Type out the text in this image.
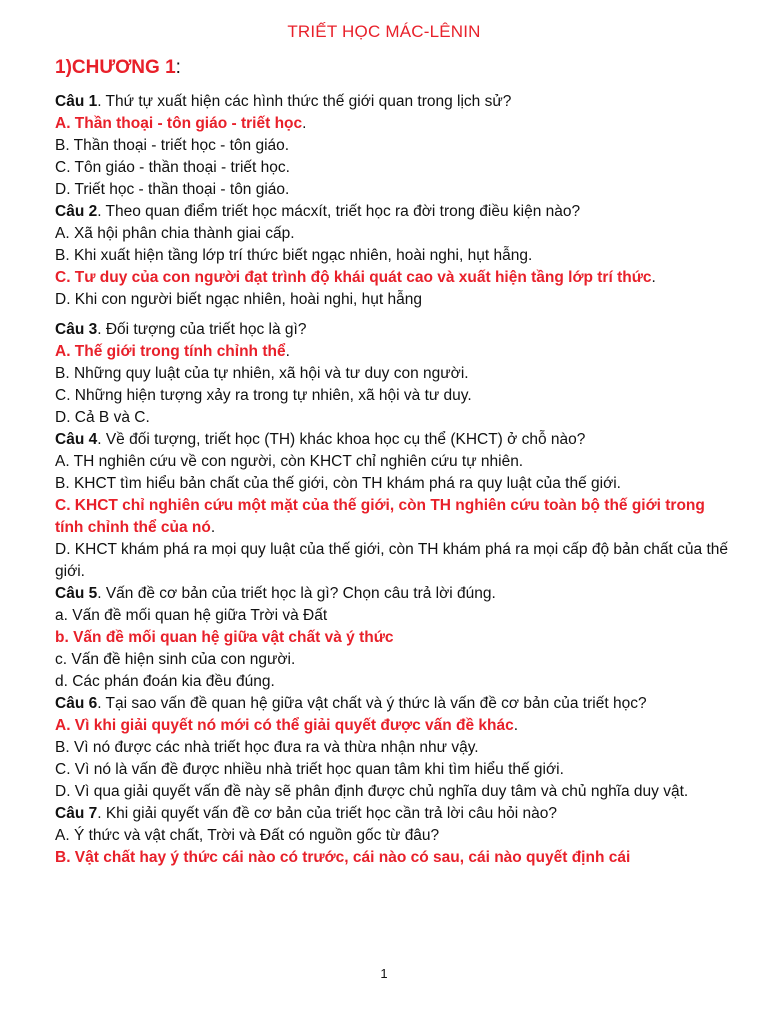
TRIẾT HỌC MÁC-LÊNIN
1)CHƯƠNG 1:
Câu 1. Thứ tự xuất hiện các hình thức thế giới quan trong lịch sử?
A. Thần thoại - tôn giáo - triết học.
B. Thần thoại - triết học - tôn giáo.
C. Tôn giáo - thần thoại - triết học.
D. Triết học - thần thoại - tôn giáo.
Câu 2. Theo quan điểm triết học mácxít, triết học ra đời trong điều kiện nào?
A. Xã hội phân chia thành giai cấp.
B. Khi xuất hiện tầng lớp trí thức biết ngạc nhiên, hoài nghi, hụt hẫng.
C. Tư duy của con người đạt trình độ khái quát cao và xuất hiện tầng lớp trí thức.
D. Khi con người biết ngạc nhiên, hoài nghi, hụt hẫng
Câu 3. Đối tượng của triết học là gì?
A. Thế giới trong tính chỉnh thể.
B. Những quy luật của tự nhiên, xã hội và tư duy con người.
C. Những hiện tượng xảy ra trong tự nhiên, xã hội và tư duy.
D. Cả B và C.
Câu 4. Về đối tượng, triết học (TH) khác khoa học cụ thể (KHCT) ở chỗ nào?
A. TH nghiên cứu về con người, còn KHCT chỉ nghiên cứu tự nhiên.
B. KHCT tìm hiểu bản chất của thế giới, còn TH khám phá ra quy luật của thế giới.
C. KHCT chỉ nghiên cứu một mặt của thế giới, còn TH nghiên cứu toàn bộ thế giới trong tính chỉnh thể của nó.
D. KHCT khám phá ra mọi quy luật của thế giới, còn TH khám phá ra mọi cấp độ bản chất của thế giới.
Câu 5. Vấn đề cơ bản của triết học là gì? Chọn câu trả lời đúng.
a. Vấn đề mối quan hệ giữa Trời và Đất
b. Vấn đề mối quan hệ giữa vật chất và ý thức
c. Vấn đề hiện sinh của con người.
d. Các phán đoán kia đều đúng.
Câu 6. Tại sao vấn đề quan hệ giữa vật chất và ý thức là vấn đề cơ bản của triết học?
A. Vì khi giải quyết nó mới có thể giải quyết được vấn đề khác.
B. Vì nó được các nhà triết học đưa ra và thừa nhận như vậy.
C. Vì nó là vấn đề được nhiều nhà triết học quan tâm khi tìm hiểu thế giới.
D. Vì qua giải quyết vấn đề này sẽ phân định được chủ nghĩa duy tâm và chủ nghĩa duy vật.
Câu 7. Khi giải quyết vấn đề cơ bản của triết học cần trả lời câu hỏi nào?
A. Ý thức và vật chất, Trời và Đất có nguồn gốc từ đâu?
B. Vật chất hay ý thức cái nào có trước, cái nào có sau, cái nào quyết định cái
1
